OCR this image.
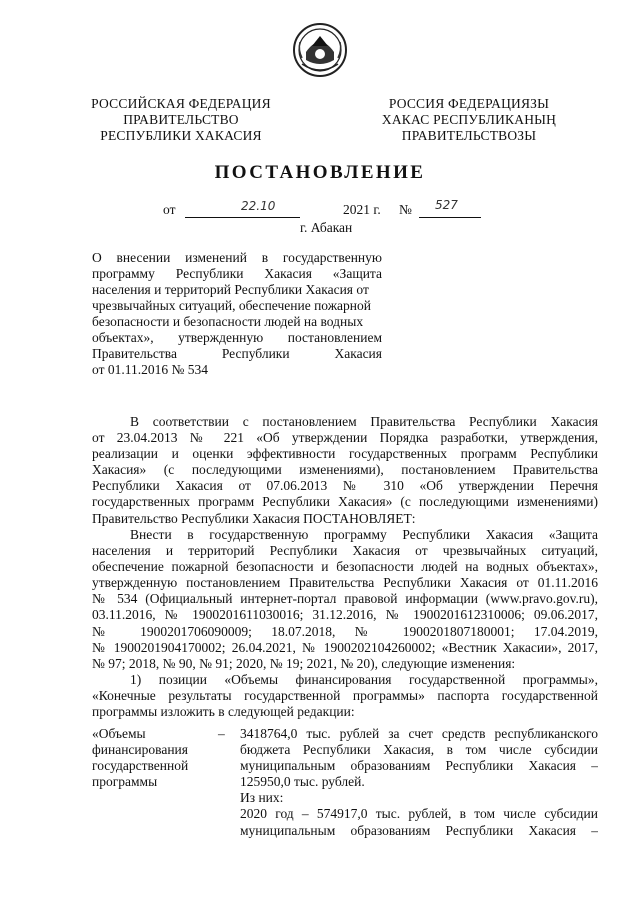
РОССИЙСКАЯ ФЕДЕРАЦИЯ
ПРАВИТЕЛЬСТВО
РЕСПУБЛИКИ ХАКАСИЯ
РОССИЯ ФЕДЕРАЦИЯЗЫ
ХАКАС РЕСПУБЛИКАНЫҢ
ПРАВИТЕЛЬСТВОЗЫ
ПОСТАНОВЛЕНИЕ
от	22.10	2021 г. № 527
г. Абакан
О внесении изменений в государственную
программу Республики Хакасия «Защита
населения и территорий Республики Хакасия от
чрезвычайных ситуаций, обеспечение пожарной
безопасности и безопасности людей на водных
объектах», утвержденную постановлением
Правительства Республики Хакасия
от 01.11.2016 № 534
В соответствии с постановлением Правительства Республики Хакасия
от 23.04.2013 № 221 «Об утверждении Порядка разработки, утверждения,
реализации и оценки эффективности государственных программ Республики
Хакасия» (с последующими изменениями), постановлением Правительства
Республики Хакасия от 07.06.2013 № 310 «Об утверждении Перечня
государственных программ Республики Хакасия» (с последующими изменениями)
Правительство Республики Хакасия ПОСТАНОВЛЯЕТ:
Внести в государственную программу Республики Хакасия «Защита
населения и территорий Республики Хакасия от чрезвычайных ситуаций,
обеспечение пожарной безопасности и безопасности людей на водных объектах»,
утвержденную постановлением Правительства Республики Хакасия от 01.11.2016
№ 534 (Официальный интернет-портал правовой информации (www.pravo.gov.ru),
03.11.2016, № 1900201611030016; 31.12.2016, № 1900201612310006; 09.06.2017,
№ 1900201706090009; 18.07.2018, № 1900201807180001; 17.04.2019,
№ 1900201904170002; 26.04.2021, № 1900202104260002; «Вестник Хакасии», 2017,
№ 97; 2018, № 90, № 91; 2020, № 19; 2021, № 20), следующие изменения:
1) позиции «Объемы финансирования государственной программы»,
«Конечные результаты государственной программы» паспорта государственной
программы изложить в следующей редакции:
«Объемы
финансирования
государственной
программы
– 3418764,0 тыс. рублей за счет средств республиканского
бюджета Республики Хакасия, в том числе субсидии
муниципальным образованиям Республики Хакасия –
125950,0 тыс. рублей.
Из них:
2020 год – 574917,0 тыс. рублей, в том числе субсидии
муниципальным образованиям Республики Хакасия –
